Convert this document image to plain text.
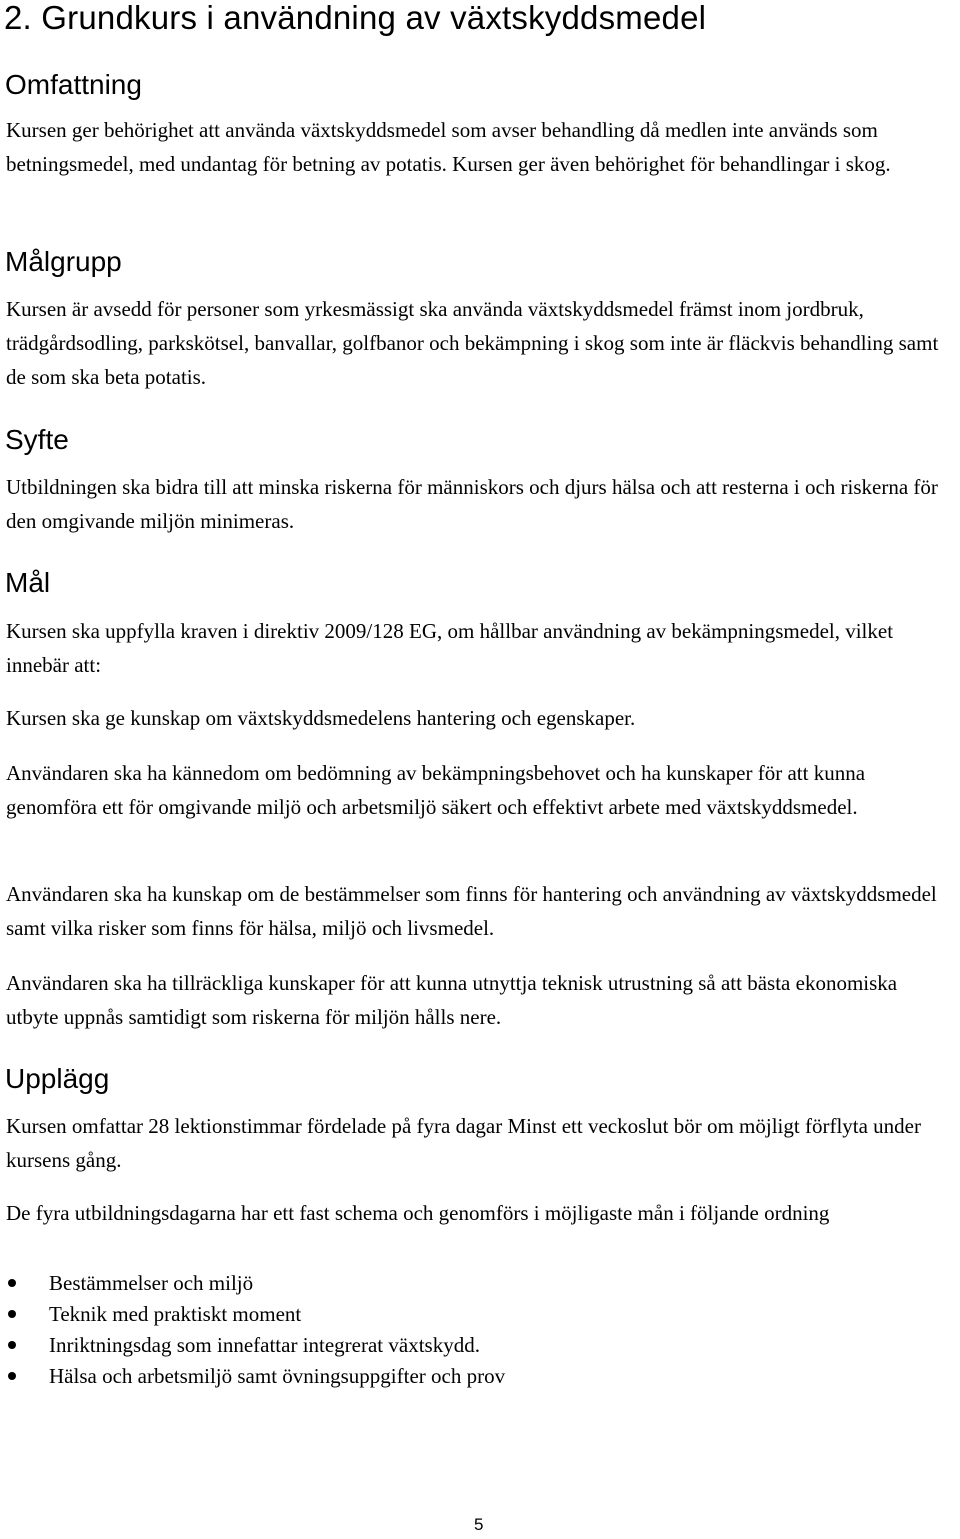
2. Grundkurs i användning av växtskyddsmedel
Omfattning

Kursen ger behörighet att använda växtskyddsmedel som avser behandling då medlen inte används som betningsmedel, med undantag för betning av potatis. Kursen ger även behörighet för behandlingar i skog.

Målgrupp

Kursen är avsedd för personer som yrkesmässigt ska använda växtskyddsmedel främst inom jordbruk, trädgårdsodling, parkskötsel, banvallar, golfbanor och bekämpning i skog som inte är fläckvis behandling samt de som ska beta potatis.

Syfte

Utbildningen ska bidra till att minska riskerna för människors och djurs hälsa och att resterna i och riskerna för den omgivande miljön minimeras.

Mål

Kursen ska uppfylla kraven i direktiv 2009/128 EG, om hållbar användning av bekämpningsmedel, vilket innebär att:

Kursen ska ge kunskap om växtskyddsmedelens hantering och egenskaper.

Användaren ska ha kännedom om bedömning av bekämpningsbehovet och ha kunskaper för att kunna genomföra ett för omgivande miljö och arbetsmiljö säkert och effektivt arbete med växtskyddsmedel.

Användaren ska ha kunskap om de bestämmelser som finns för hantering och användning av växtskyddsmedel samt vilka risker som finns för hälsa, miljö och livsmedel.

Användaren ska ha tillräckliga kunskaper för att kunna utnyttja teknisk utrustning så att bästa ekonomiska utbyte uppnås samtidigt som riskerna för miljön hålls nere.

Upplägg

Kursen omfattar 28 lektionstimmar fördelade på fyra dagar Minst ett veckoslut bör om möjligt förflyta under kursens gång.

De fyra utbildningsdagarna har ett fast schema och genomförs i möjligaste mån i följande ordning

Bestämmelser och miljö
Teknik med praktiskt moment
Inriktningsdag som innefattar integrerat växtskydd.
Hälsa och arbetsmiljö samt övningsuppgifter och prov
5
